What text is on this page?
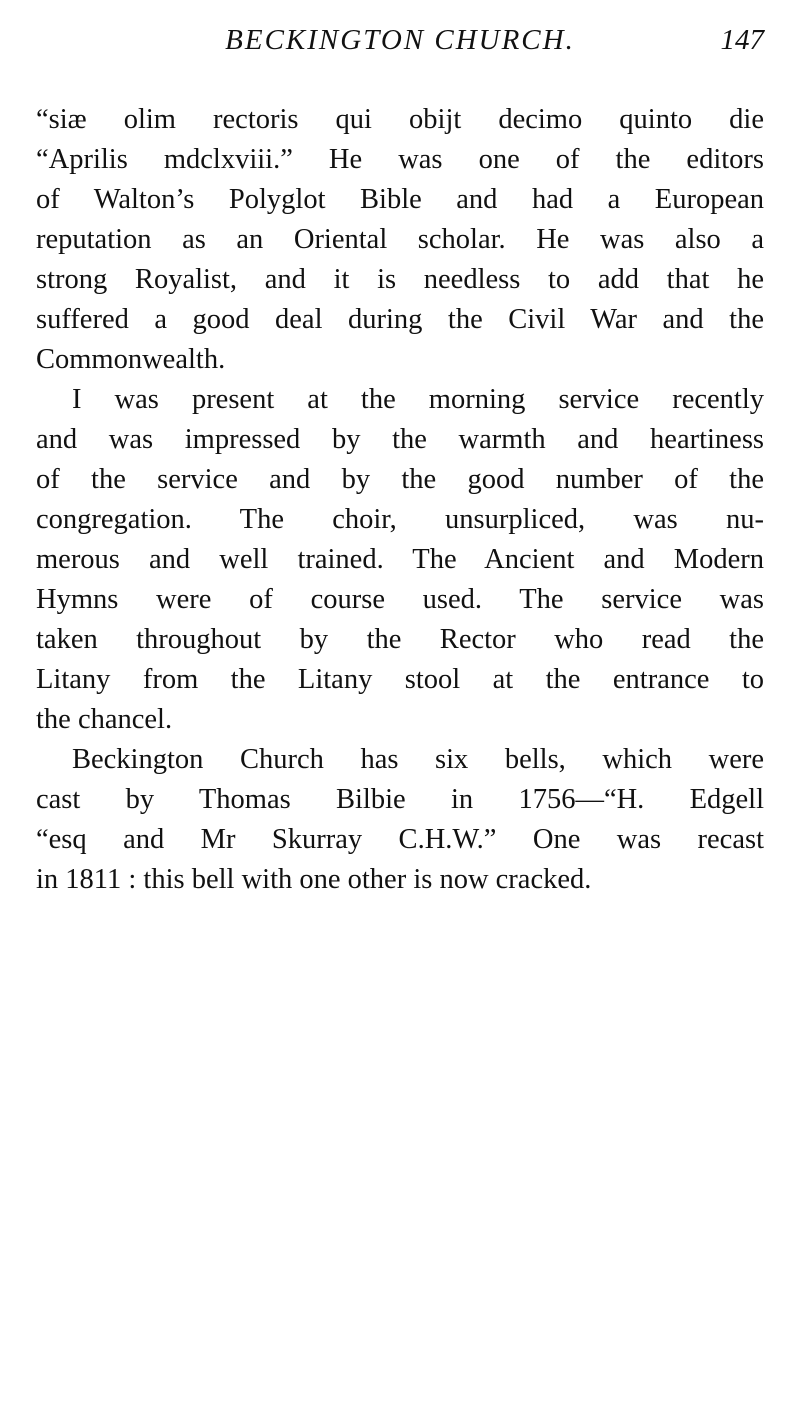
BECKINGTON CHURCH.	147
“siæ olim rectoris qui obijt decimo quinto die
“Aprilis mdclxviii.” He was one of the editors
of Walton’s Polyglot Bible and had a European
reputation as an Oriental scholar. He was also a
strong Royalist, and it is needless to add that he
suffered a good deal during the Civil War and the
Commonwealth.
I was present at the morning service recently
and was impressed by the warmth and heartiness
of the service and by the good number of the
congregation. The choir, unsurpliced, was nu-
merous and well trained. The Ancient and Modern
Hymns were of course used. The service was
taken throughout by the Rector who read the
Litany from the Litany stool at the entrance to
the chancel.
Beckington Church has six bells, which were
cast by Thomas Bilbie in 1756—“H. Edgell
“esq and Mr Skurray C.H.W.” One was recast
in 1811 : this bell with one other is now cracked.
